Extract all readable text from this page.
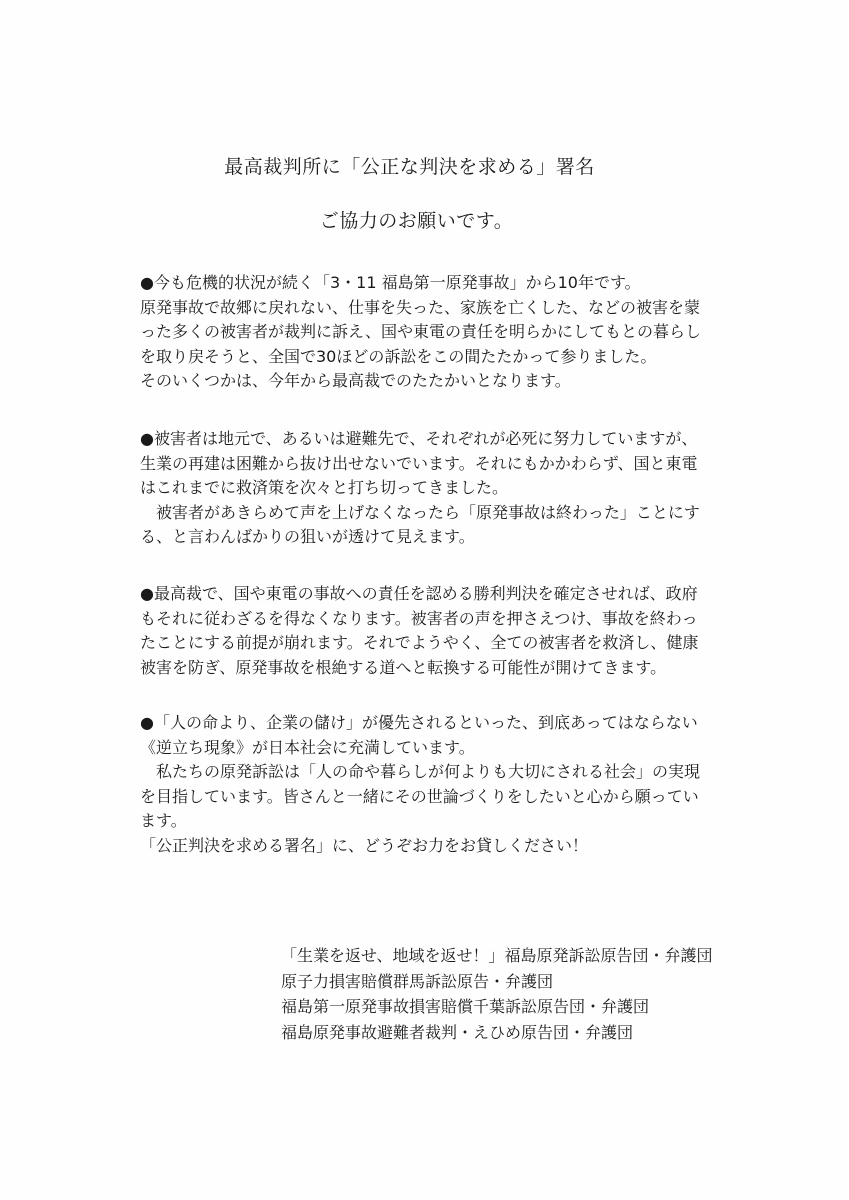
最高裁判所に「公正な判決を求める」署名
ご協力のお願いです。

●今も危機的状況が続く「3・11 福島第一原発事故」から10年です。

原発事故で故郷に戻れない、仕事を失った、家族を亡くした、などの被害を蒙

った多くの被害者が裁判に訴え、国や東電の責任を明らかにしてもとの暮らし

を取り戻そうと、全国で30ほどの訴訟をこの間たたかって参りました。

そのいくつかは、今年から最高裁でのたたかいとなります。

●被害者は地元で、あるいは避難先で、それぞれが必死に努力していますが、

生業の再建は困難から抜け出せないでいます。それにもかかわらず、国と東電

はこれまでに救済策を次々と打ち切ってきました。

　被害者があきらめて声を上げなくなったら「原発事故は終わった」ことにす

る、と言わんばかりの狙いが透けて見えます。

●最高裁で、国や東電の事故への責任を認める勝利判決を確定させれば、政府

もそれに従わざるを得なくなります。被害者の声を押さえつけ、事故を終わっ

たことにする前提が崩れます。それでようやく、全ての被害者を救済し、健康

被害を防ぎ、原発事故を根絶する道へと転換する可能性が開けてきます。

●「人の命より、企業の儲け」が優先されるといった、到底あってはならない

《逆立ち現象》が日本社会に充満しています。

　私たちの原発訴訟は「人の命や暮らしが何よりも大切にされる社会」の実現

を目指しています。皆さんと一緒にその世論づくりをしたいと心から願ってい

ます。

「公正判決を求める署名」に、どうぞお力をお貸しください！

「生業を返せ、地域を返せ！」福島原発訴訟原告団・弁護団

原子力損害賠償群馬訴訟原告・弁護団

福島第一原発事故損害賠償千葉訴訟原告団・弁護団

福島原発事故避難者裁判・えひめ原告団・弁護団
